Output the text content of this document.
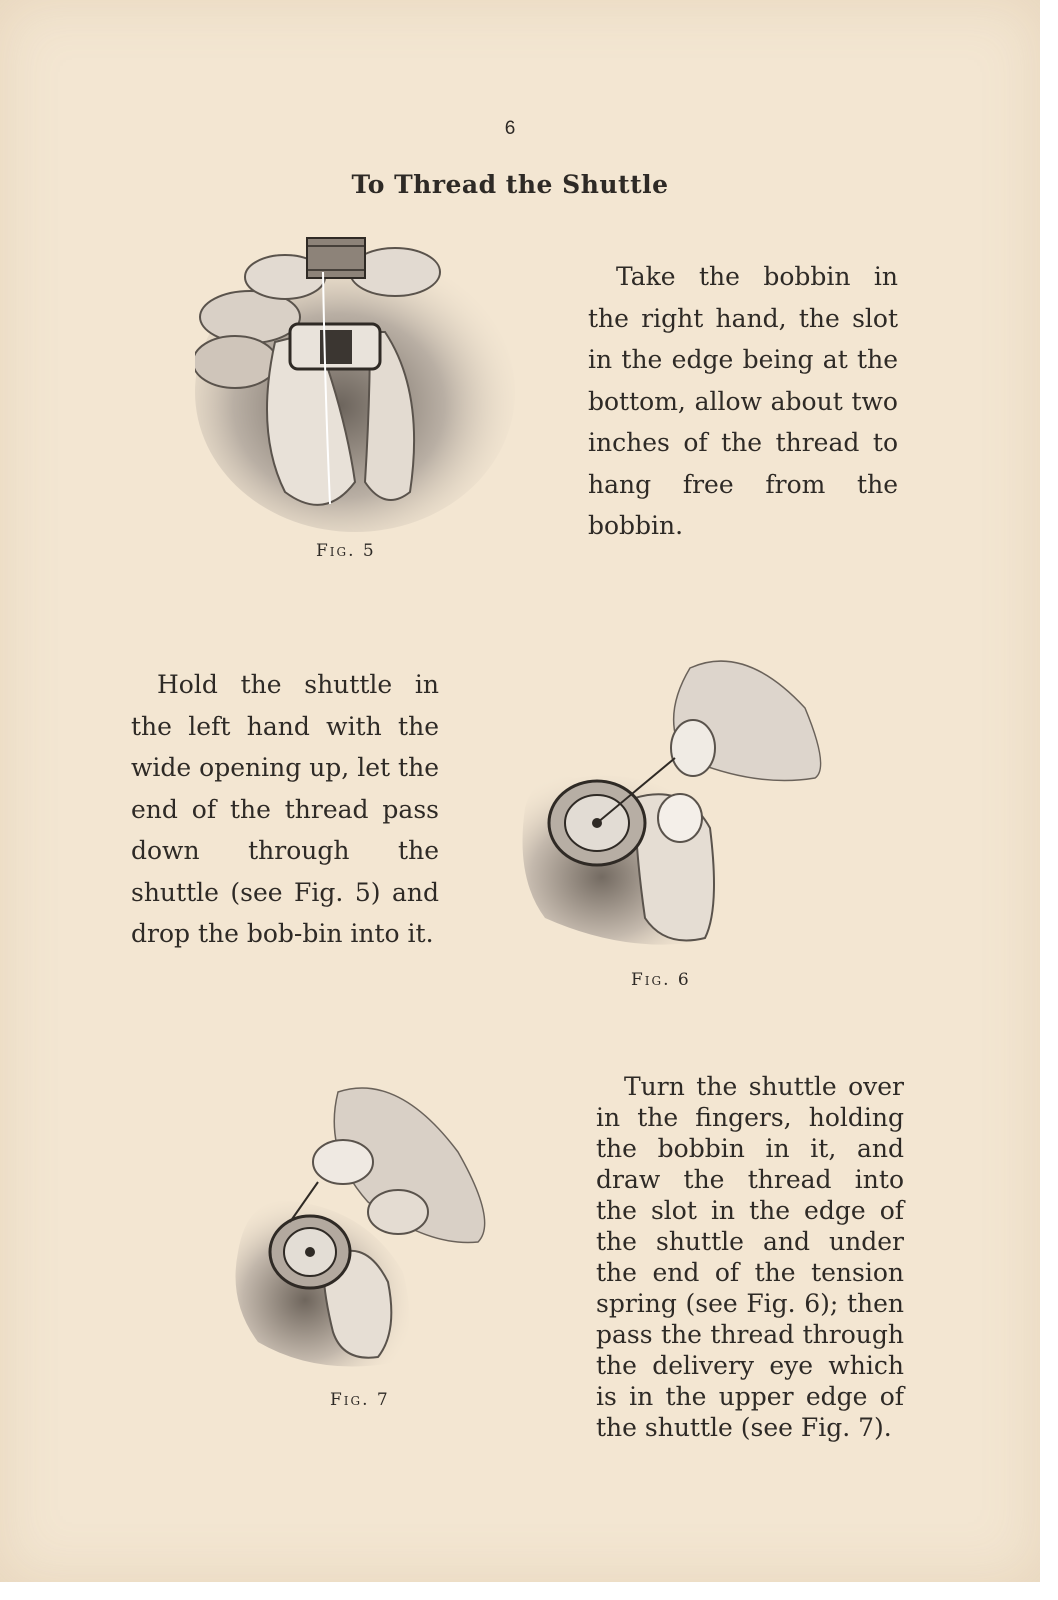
6
To Thread the Shuttle
Fig. 5
Take the bobbin in the right hand, the slot in the edge being at the bottom, allow about two inches of the thread to hang free from the bobbin.
Fig. 6
Hold the shuttle in the left hand with the wide opening up, let the end of the thread pass down through the shuttle (see Fig. 5) and drop the bob-bin into it.
Fig. 7
Turn the shuttle over in the fingers, holding the bobbin in it, and draw the thread into the slot in the edge of the shuttle and under the end of the tension spring (see Fig. 6); then pass the thread through the delivery eye which is in the upper edge of the shuttle (see Fig. 7).
